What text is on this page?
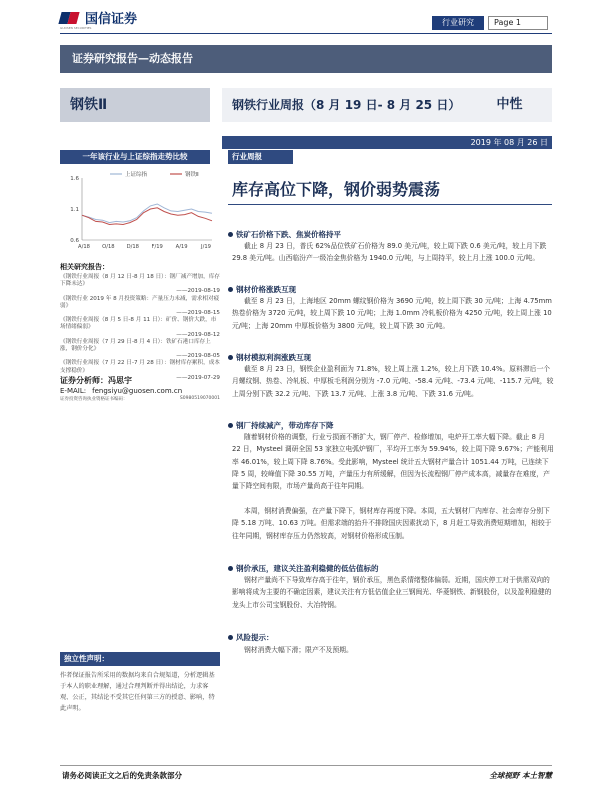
国信证券
GUOSEN SECURITIES
行业研究	Page 1
证券研究报告—动态报告
钢铁Ⅱ	钢铁行业周报（8 月 19 日- 8 月 25 日）	中性
2019 年 08 月 26 日
一年该行业与上证综指走势比较
0.6
1.1
1.6
A/18 O/18 D/18 F/19 A/19	J/19
上证综指	钢铁Ⅱ
相关研究报告：
《钢铁行业周报（8 月 12 日-8 月 18 日）：钢厂减产增加，库存下降未达》
——2019-08-19
《钢铁行业 2019 年 8 月投资策略：产量压力未减，需求相对疲弱》
——2019-08-15
《钢铁行业周报（8 月 5 日-8 月 11 日）：矿价、钢价大跌，市场情绪偏弱》
——2019-08-12
《钢铁行业周报（7 月 29 日-8 月 4 日）：铁矿石港口库存上涨，钢价分化》
——2019-08-05
《钢铁行业周报（7 月 22 日-7 月 28 日）：钢材库存累积，成本支撑稳价》
——2019-07-29
证券分析师：冯思宇
E-MAIL: fengsiyu@guosen.com.cn
证券投资咨询执业资格证书编码：	S0980519070001
独立性声明：
作者保证报告所采用的数据均来自合规渠道，分析逻辑基于本人的职业理解，通过合理判断并得出结论，力求客观、公正，其结论不受其它任何第三方的授意、影响，特此声明。
行业周报
库存高位下降，钢价弱势震荡
铁矿石价格下跌、焦炭价格持平
截止 8 月 23 日，普氏 62%品位铁矿石价格为 89.0 美元/吨，较上周下跌 0.6 美元/吨，较上月下跌 29.8 美元/吨。山西临汾产一级冶金焦价格为 1940.0 元/吨，与上周持平，较上月上涨 100.0 元/吨。
钢材价格涨跌互现
截至 8 月 23 日，上海地区 20mm 螺纹钢价格为 3690 元/吨，较上周下跌 30 元/吨；上海 4.75mm 热卷价格为 3720 元/吨，较上周下跌 10 元/吨；上海 1.0mm 冷轧板价格为 4250 元/吨，较上周上涨 10 元/吨；上海 20mm 中厚板价格为 3800 元/吨，较上周下跌 30 元/吨。
钢材模拟利润涨跌互现
截至 8 月 23 日，钢铁企业盈利面为 71.8%，较上周上涨 1.2%，较上月下跌 10.4%。原料滞后一个月螺纹钢、热卷、冷轧板、中厚板毛利润分别为 -7.0 元/吨、-58.4 元/吨、-73.4 元/吨、-115.7 元/吨，较上周分别下跌 32.2 元/吨、下跌 13.7 元/吨、上涨 3.8 元/吨、下跌 31.6 元/吨。
钢厂持续减产，带动库存下降
随着钢材价格的调整，行业亏损面不断扩大，钢厂停产、检修增加，电炉开工率大幅下降。截止 8 月 22 日，Mysteel 调研全国 53 家独立电弧炉钢厂，平均开工率为 59.94%，较上周下降 9.67%；产能利用率 46.01%，较上周下降 8.76%。受此影响，Mysteel 统计五大钢材产量合计 1051.44 万吨，已连续下降 5 周，较峰值下降 30.55 万吨，产量压力有所缓解，但因为长流程钢厂停产成本高，减量存在难度，产量下降空间有限，市场产量尚高于往年同期。
本周，钢材消费偏强，在产量下降下，钢材库存再度下降。本周，五大钢材厂内库存、社会库存分别下降 5.18 万吨、10.63 万吨。但需求端的抬升不排除国庆因素扰动下，8 月赶工导致消费短期增加，相较于往年同期，钢材库存压力仍然较高，对钢材价格形成压制。
钢价承压，建议关注盈利稳健的低估值标的
钢材产量尚不下导致库存高于往年，钢价承压，黑色系情绪整体偏弱。近期，国庆停工对于供需双向的影响将成为主要的不确定因素，建议关注有方低估值企业三钢闽光、华菱钢铁、新钢股份，以及盈利稳健的龙头上市公司宝钢股份、大冶特钢。
风险提示：
钢材消费大幅下滑；限产不及预期。
请务必阅读正文之后的免责条款部分	全球视野 本土智慧
